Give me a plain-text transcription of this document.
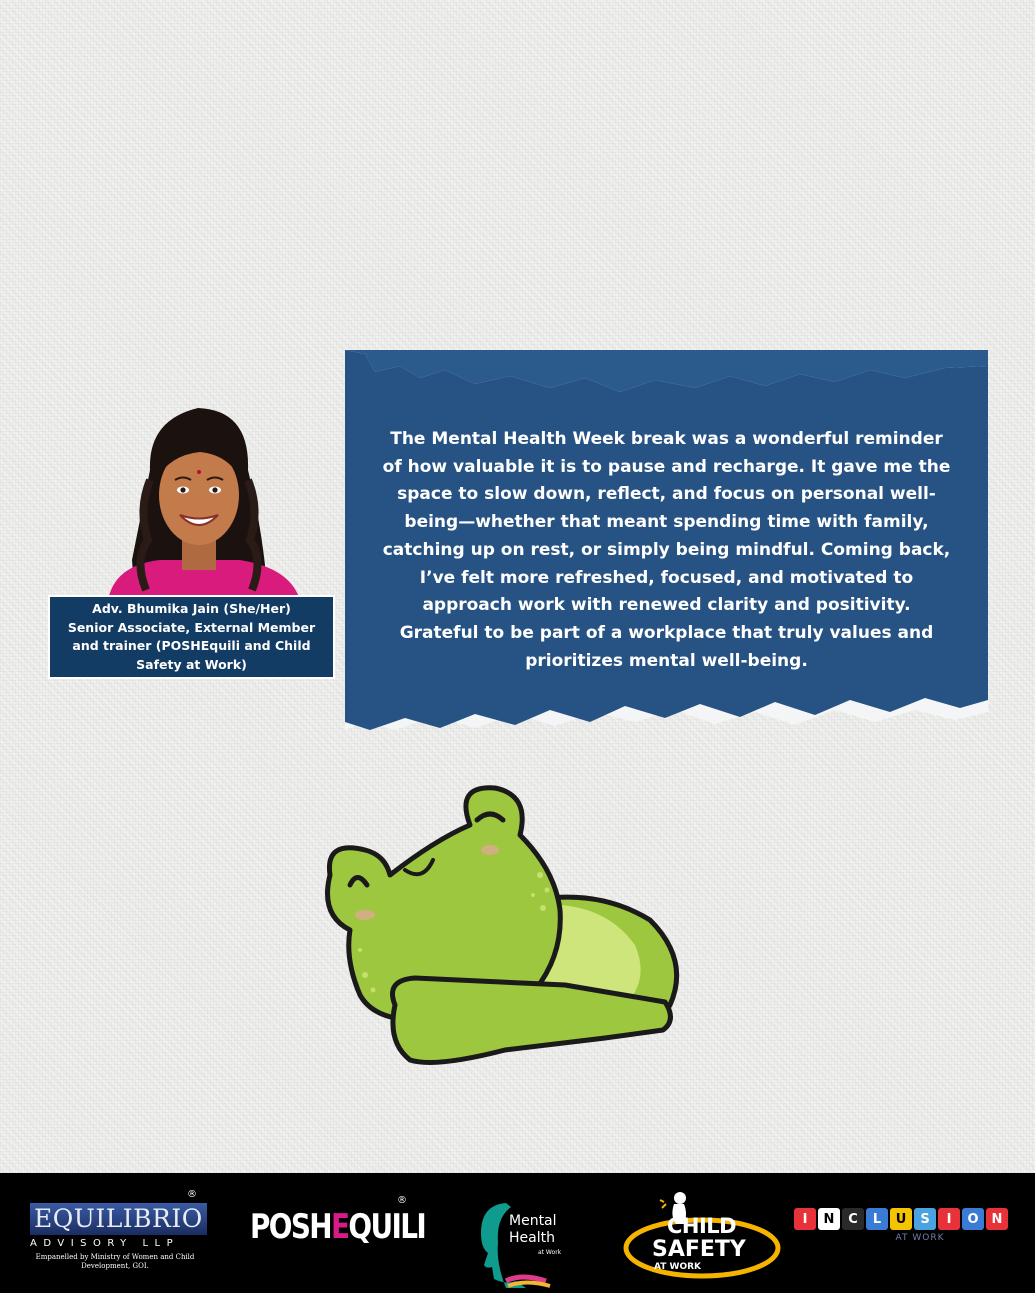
Adv. Bhumika Jain (She/Her)
Senior Associate, External Member
and trainer (POSHEquili and Child
Safety at Work)
The Mental Health Week break was a wonderful reminder
of how valuable it is to pause and recharge. It gave me the
space to slow down, reflect, and focus on personal well-
being—whether that meant spending time with family,
catching up on rest, or simply being mindful. Coming back,
I’ve felt more refreshed, focused, and motivated to
approach work with renewed clarity and positivity.
Grateful to be part of a workplace that truly values and
prioritizes mental well-being.
®
EQUILIBRIO
ADVISORY LLP
Empanelled by Ministry of Women and Child
Development, GOI.
®
POSHEQUILI	Mental
Health
at Work
CHILD
SAFETY
AT WORK
I	N	C	L	U	S	I	O	N
AT WORK
